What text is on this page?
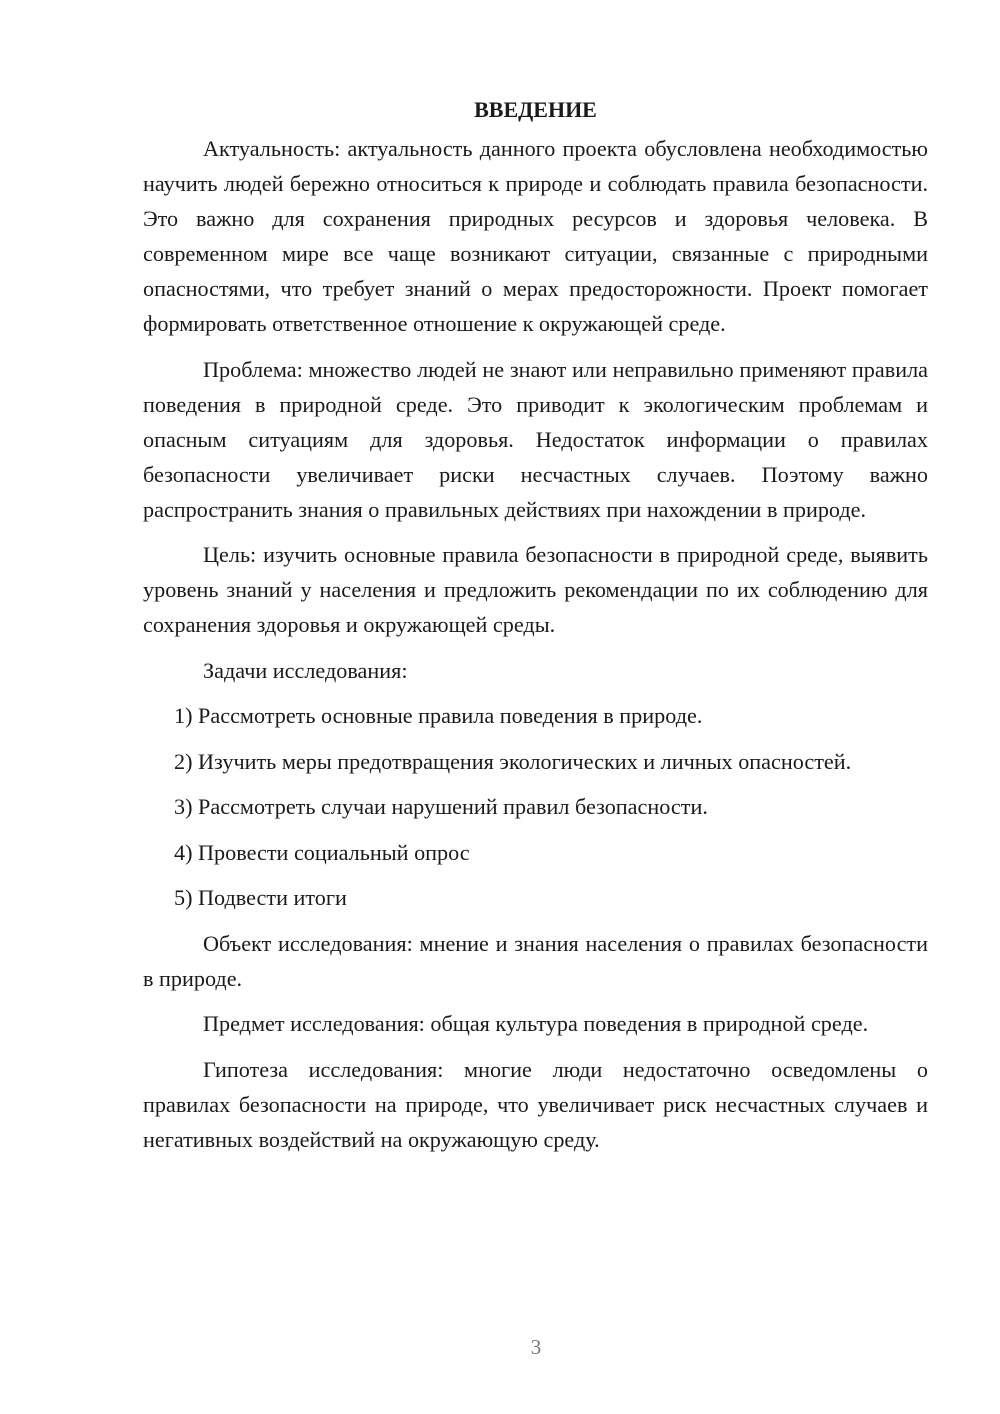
ВВЕДЕНИЕ

Актуальность: актуальность данного проекта обусловлена необходимостью научить людей бережно относиться к природе и соблюдать правила безопасности. Это важно для сохранения природных ресурсов и здоровья человека. В современном мире все чаще возникают ситуации, связанные с природными опасностями, что требует знаний о мерах предосторожности. Проект помогает формировать ответственное отношение к окружающей среде.

Проблема: множество людей не знают или неправильно применяют правила поведения в природной среде. Это приводит к экологическим проблемам и опасным ситуациям для здоровья. Недостаток информации о правилах безопасности увеличивает риски несчастных случаев. Поэтому важно распространить знания о правильных действиях при нахождении в природе.

Цель: изучить основные правила безопасности в природной среде, выявить уровень знаний у населения и предложить рекомендации по их соблюдению для сохранения здоровья и окружающей среды.

Задачи исследования:

1) Рассмотреть основные правила поведения в природе.

2) Изучить меры предотвращения экологических и личных опасностей.

3) Рассмотреть случаи нарушений правил безопасности.

4) Провести социальный опрос

5) Подвести итоги

Объект исследования: мнение и знания населения о правилах безопасности в природе.

Предмет исследования: общая культура поведения в природной среде.

Гипотеза исследования: многие люди недостаточно осведомлены о правилах безопасности на природе, что увеличивает риск несчастных случаев и негативных воздействий на окружающую среду.

3
